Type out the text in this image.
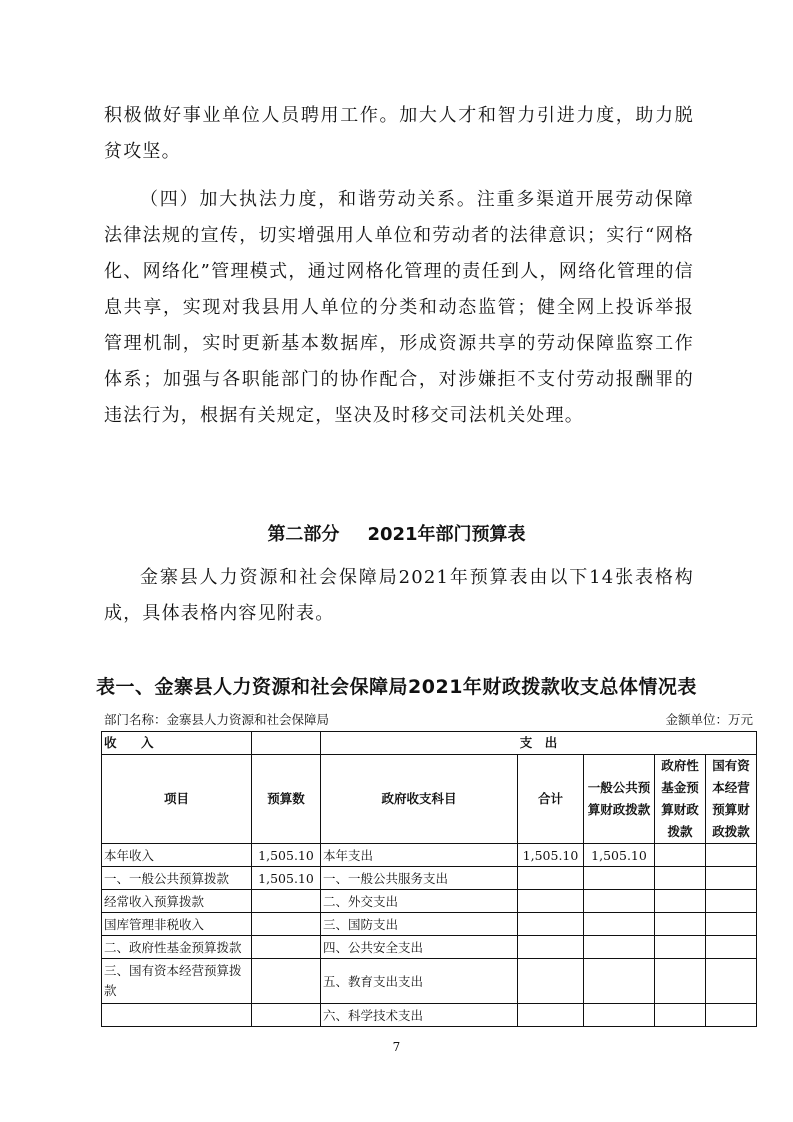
积极做好事业单位人员聘用工作。加大人才和智力引进力度，助力脱贫攻坚。

（四）加大执法力度，和谐劳动关系。注重多渠道开展劳动保障法律法规的宣传，切实增强用人单位和劳动者的法律意识；实行“网格化、网络化”管理模式，通过网格化管理的责任到人，网络化管理的信息共享，实现对我县用人单位的分类和动态监管；健全网上投诉举报管理机制，实时更新基本数据库，形成资源共享的劳动保障监察工作体系；加强与各职能部门的协作配合，对涉嫌拒不支付劳动报酬罪的违法行为，根据有关规定，坚决及时移交司法机关处理。

第二部分 2021年部门预算表

金寨县人力资源和社会保障局2021年预算表由以下14张表格构成，具体表格内容见附表。

表一、金寨县人力资源和社会保障局2021年财政拨款收支总体情况表
部门名称：金寨县人力资源和社会保障局	金额单位：万元
收　入		支　出				
项目	预算数	政府收支科目	合计	一般公共预算财政拨款	政府性基金预算财政拨款	国有资本经营预算财政拨款
本年收入	1,505.10	本年支出	1,505.10	1,505.10		
一、一般公共预算拨款	1,505.10	一、一般公共服务支出				
经常收入预算拨款		二、外交支出				
国库管理非税收入		三、国防支出				
二、政府性基金预算拨款		四、公共安全支出				
三、国有资本经营预算拨款		五、教育支出支出				
		六、科学技术支出				
7
